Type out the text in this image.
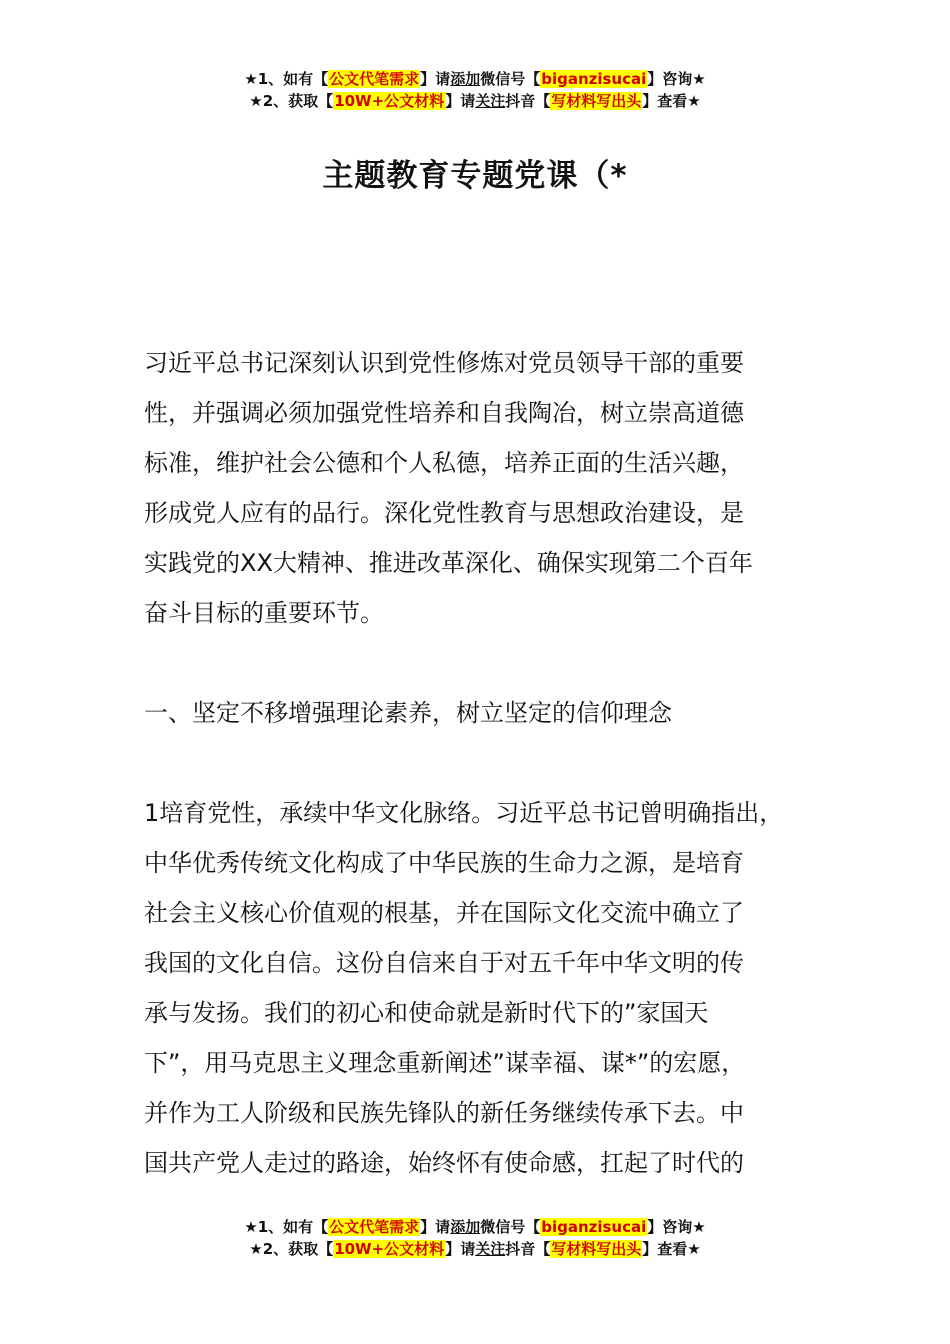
★1、如有【公文代笔需求】请添加微信号【biganzisucai】咨询★
★2、获取【10W+公文材料】请关注抖音【写材料写出头】查看★
主题教育专题党课（*

习近平总书记深刻认识到党性修炼对党员领导干部的重要

性，并强调必须加强党性培养和自我陶冶，树立崇高道德

标准，维护社会公德和个人私德，培养正面的生活兴趣，

形成党人应有的品行。深化党性教育与思想政治建设，是

实践党的XX大精神、推进改革深化、确保实现第二个百年

奋斗目标的重要环节。

一、坚定不移增强理论素养，树立坚定的信仰理念

1培育党性，承续中华文化脉络。习近平总书记曾明确指出，

中华优秀传统文化构成了中华民族的生命力之源，是培育

社会主义核心价值观的根基，并在国际文化交流中确立了

我国的文化自信。这份自信来自于对五千年中华文明的传

承与发扬。我们的初心和使命就是新时代下的”家国天

下”，用马克思主义理念重新阐述”谋幸福、谋*”的宏愿，

并作为工人阶级和民族先锋队的新任务继续传承下去。中

国共产党人走过的路途，始终怀有使命感，扛起了时代的

★1、如有【公文代笔需求】请添加微信号【biganzisucai】咨询★
★2、获取【10W+公文材料】请关注抖音【写材料写出头】查看★
